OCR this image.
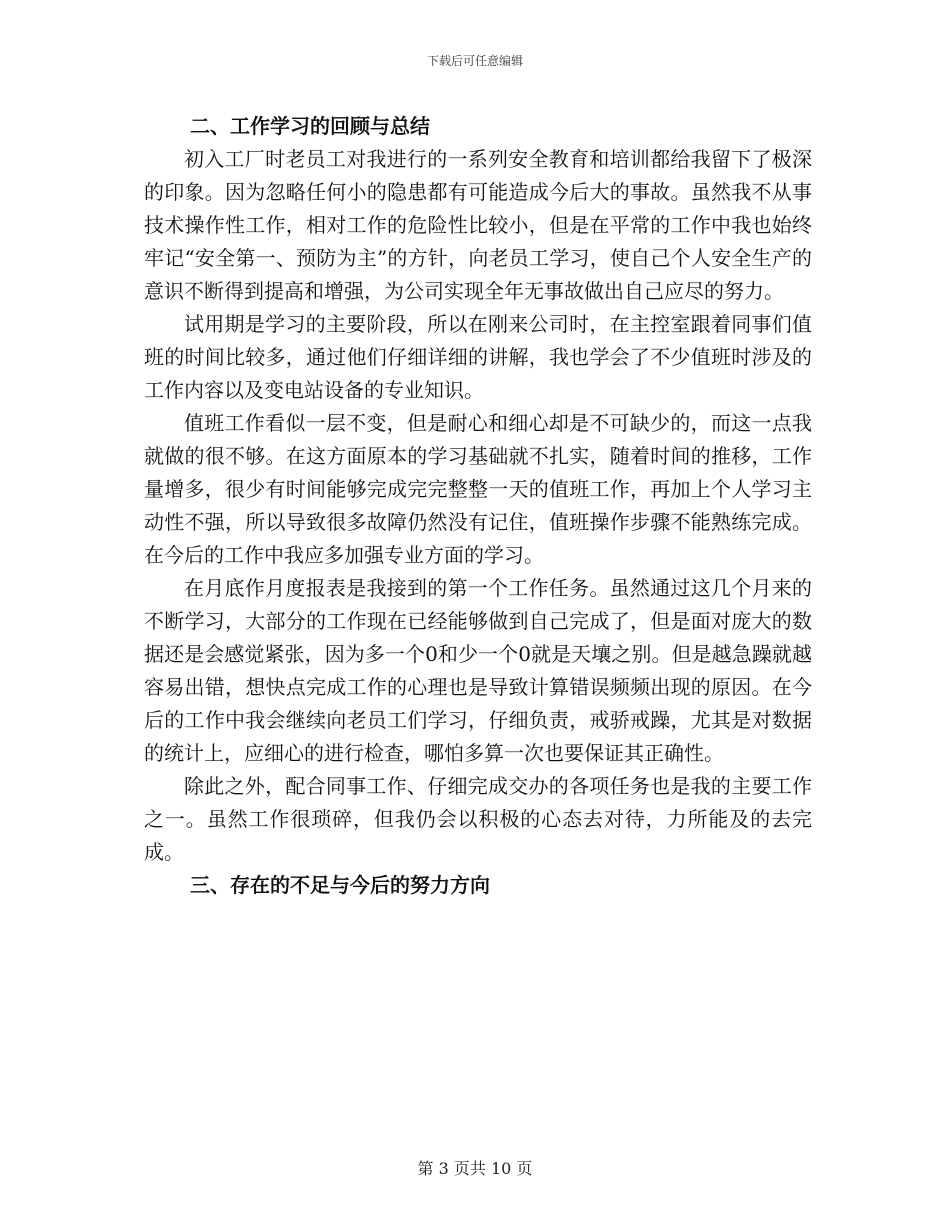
下载后可任意编辑
二、工作学习的回顾与总结

初入工厂时老员工对我进行的一系列安全教育和培训都给我留下了极深的印象。因为忽略任何小的隐患都有可能造成今后大的事故。虽然我不从事技术操作性工作，相对工作的危险性比较小，但是在平常的工作中我也始终牢记“安全第一、预防为主”的方针，向老员工学习，使自己个人安全生产的意识不断得到提高和增强，为公司实现全年无事故做出自己应尽的努力。

试用期是学习的主要阶段，所以在刚来公司时，在主控室跟着同事们值班的时间比较多，通过他们仔细详细的讲解，我也学会了不少值班时涉及的工作内容以及变电站设备的专业知识。

值班工作看似一层不变，但是耐心和细心却是不可缺少的，而这一点我就做的很不够。在这方面原本的学习基础就不扎实，随着时间的推移，工作量增多，很少有时间能够完成完完整整一天的值班工作，再加上个人学习主动性不强，所以导致很多故障仍然没有记住，值班操作步骤不能熟练完成。在今后的工作中我应多加强专业方面的学习。

在月底作月度报表是我接到的第一个工作任务。虽然通过这几个月来的不断学习，大部分的工作现在已经能够做到自己完成了，但是面对庞大的数据还是会感觉紧张，因为多一个0和少一个0就是天壤之别。但是越急躁就越容易出错，想快点完成工作的心理也是导致计算错误频频出现的原因。在今后的工作中我会继续向老员工们学习，仔细负责，戒骄戒躁，尤其是对数据的统计上，应细心的进行检查，哪怕多算一次也要保证其正确性。

除此之外，配合同事工作、仔细完成交办的各项任务也是我的主要工作之一。虽然工作很琐碎，但我仍会以积极的心态去对待，力所能及的去完成。

三、存在的不足与今后的努力方向
第 3 页共 10 页
